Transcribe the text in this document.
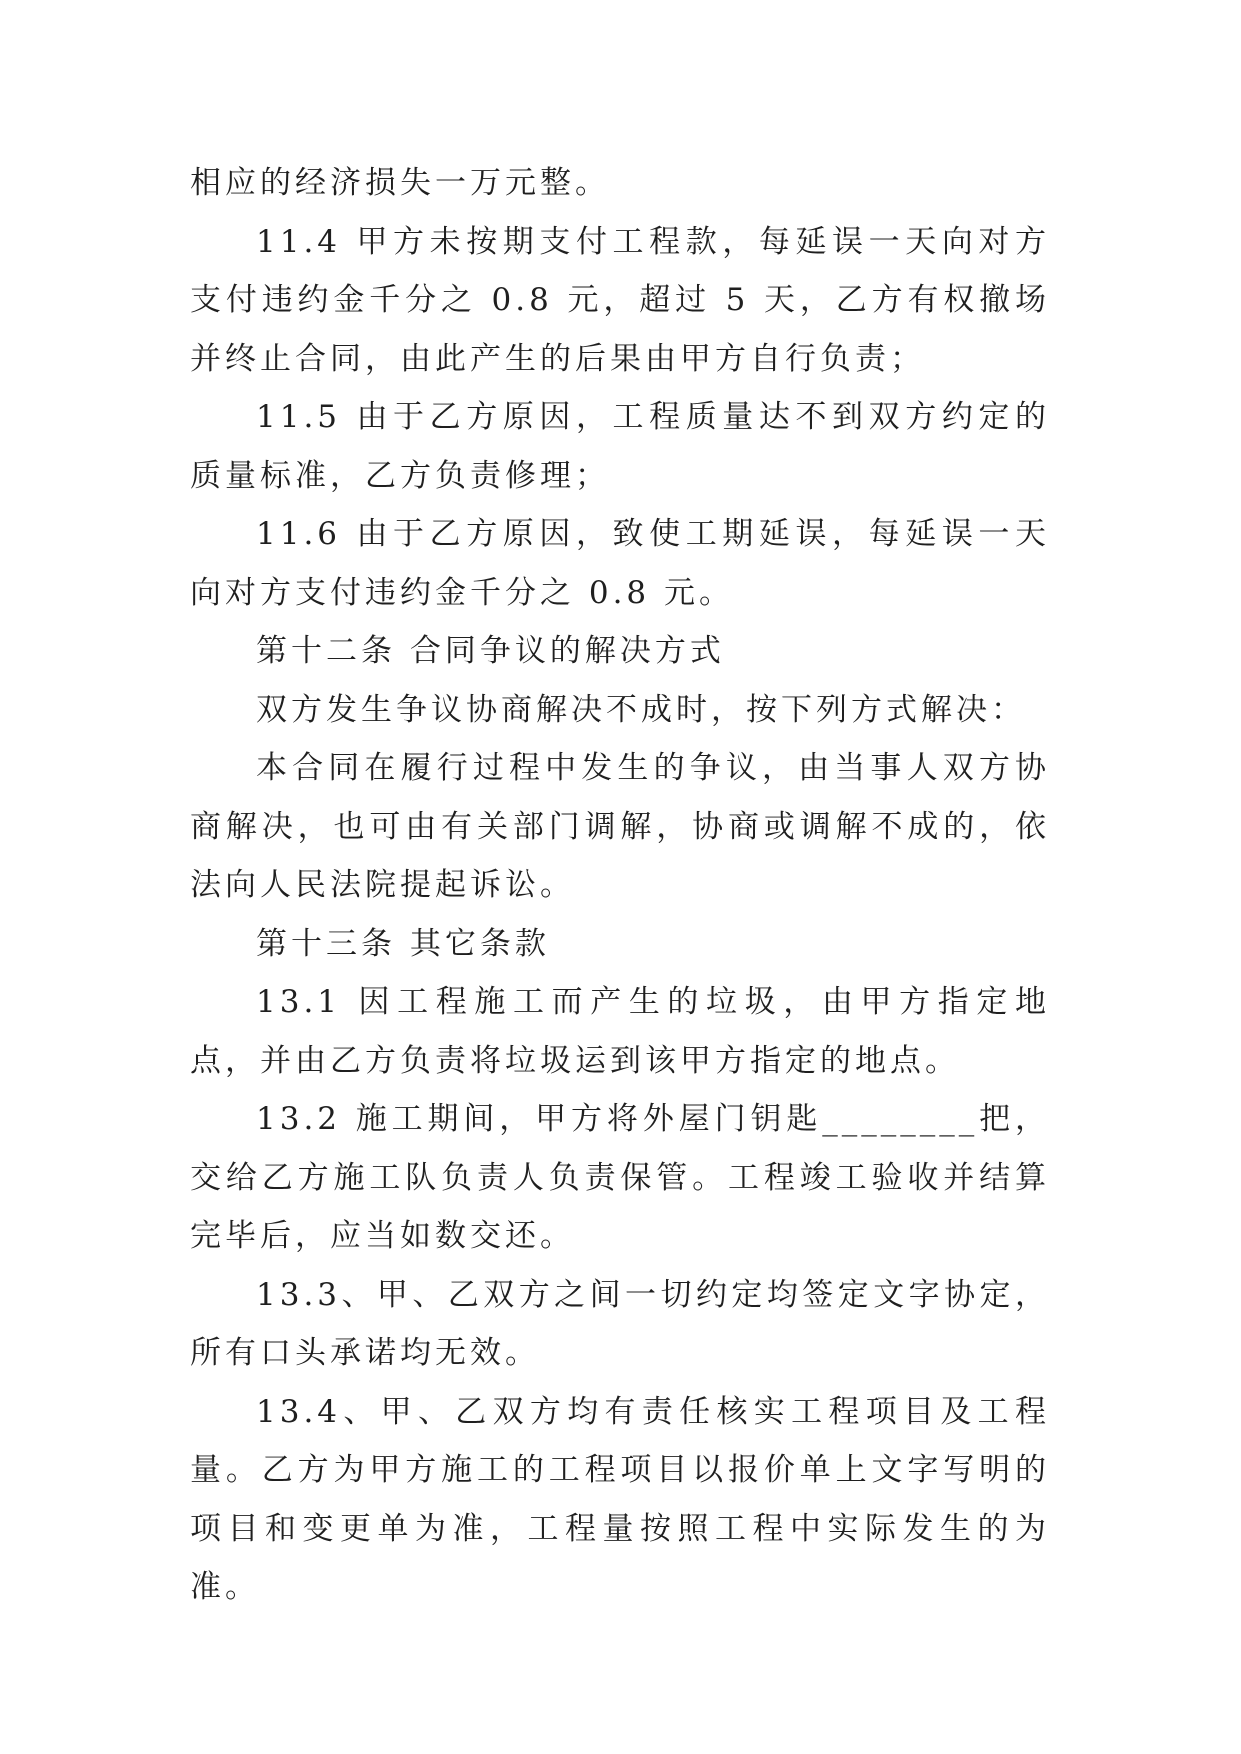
相应的经济损失一万元整。

11.4 甲方未按期支付工程款，每延误一天向对方支付违约金千分之 0.8 元，超过 5 天，乙方有权撤场并终止合同，由此产生的后果由甲方自行负责；

11.5 由于乙方原因，工程质量达不到双方约定的质量标准，乙方负责修理；

11.6 由于乙方原因，致使工期延误，每延误一天向对方支付违约金千分之 0.8 元。

第十二条 合同争议的解决方式

双方发生争议协商解决不成时，按下列方式解决：

本合同在履行过程中发生的争议，由当事人双方协商解决，也可由有关部门调解，协商或调解不成的，依法向人民法院提起诉讼。

第十三条 其它条款

13.1 因工程施工而产生的垃圾，由甲方指定地点，并由乙方负责将垃圾运到该甲方指定的地点。

13.2 施工期间，甲方将外屋门钥匙________把，交给乙方施工队负责人负责保管。工程竣工验收并结算完毕后，应当如数交还。

13.3、甲、乙双方之间一切约定均签定文字协定，所有口头承诺均无效。

13.4、甲、乙双方均有责任核实工程项目及工程量。乙方为甲方施工的工程项目以报价单上文字写明的项目和变更单为准，工程量按照工程中实际发生的为准。
